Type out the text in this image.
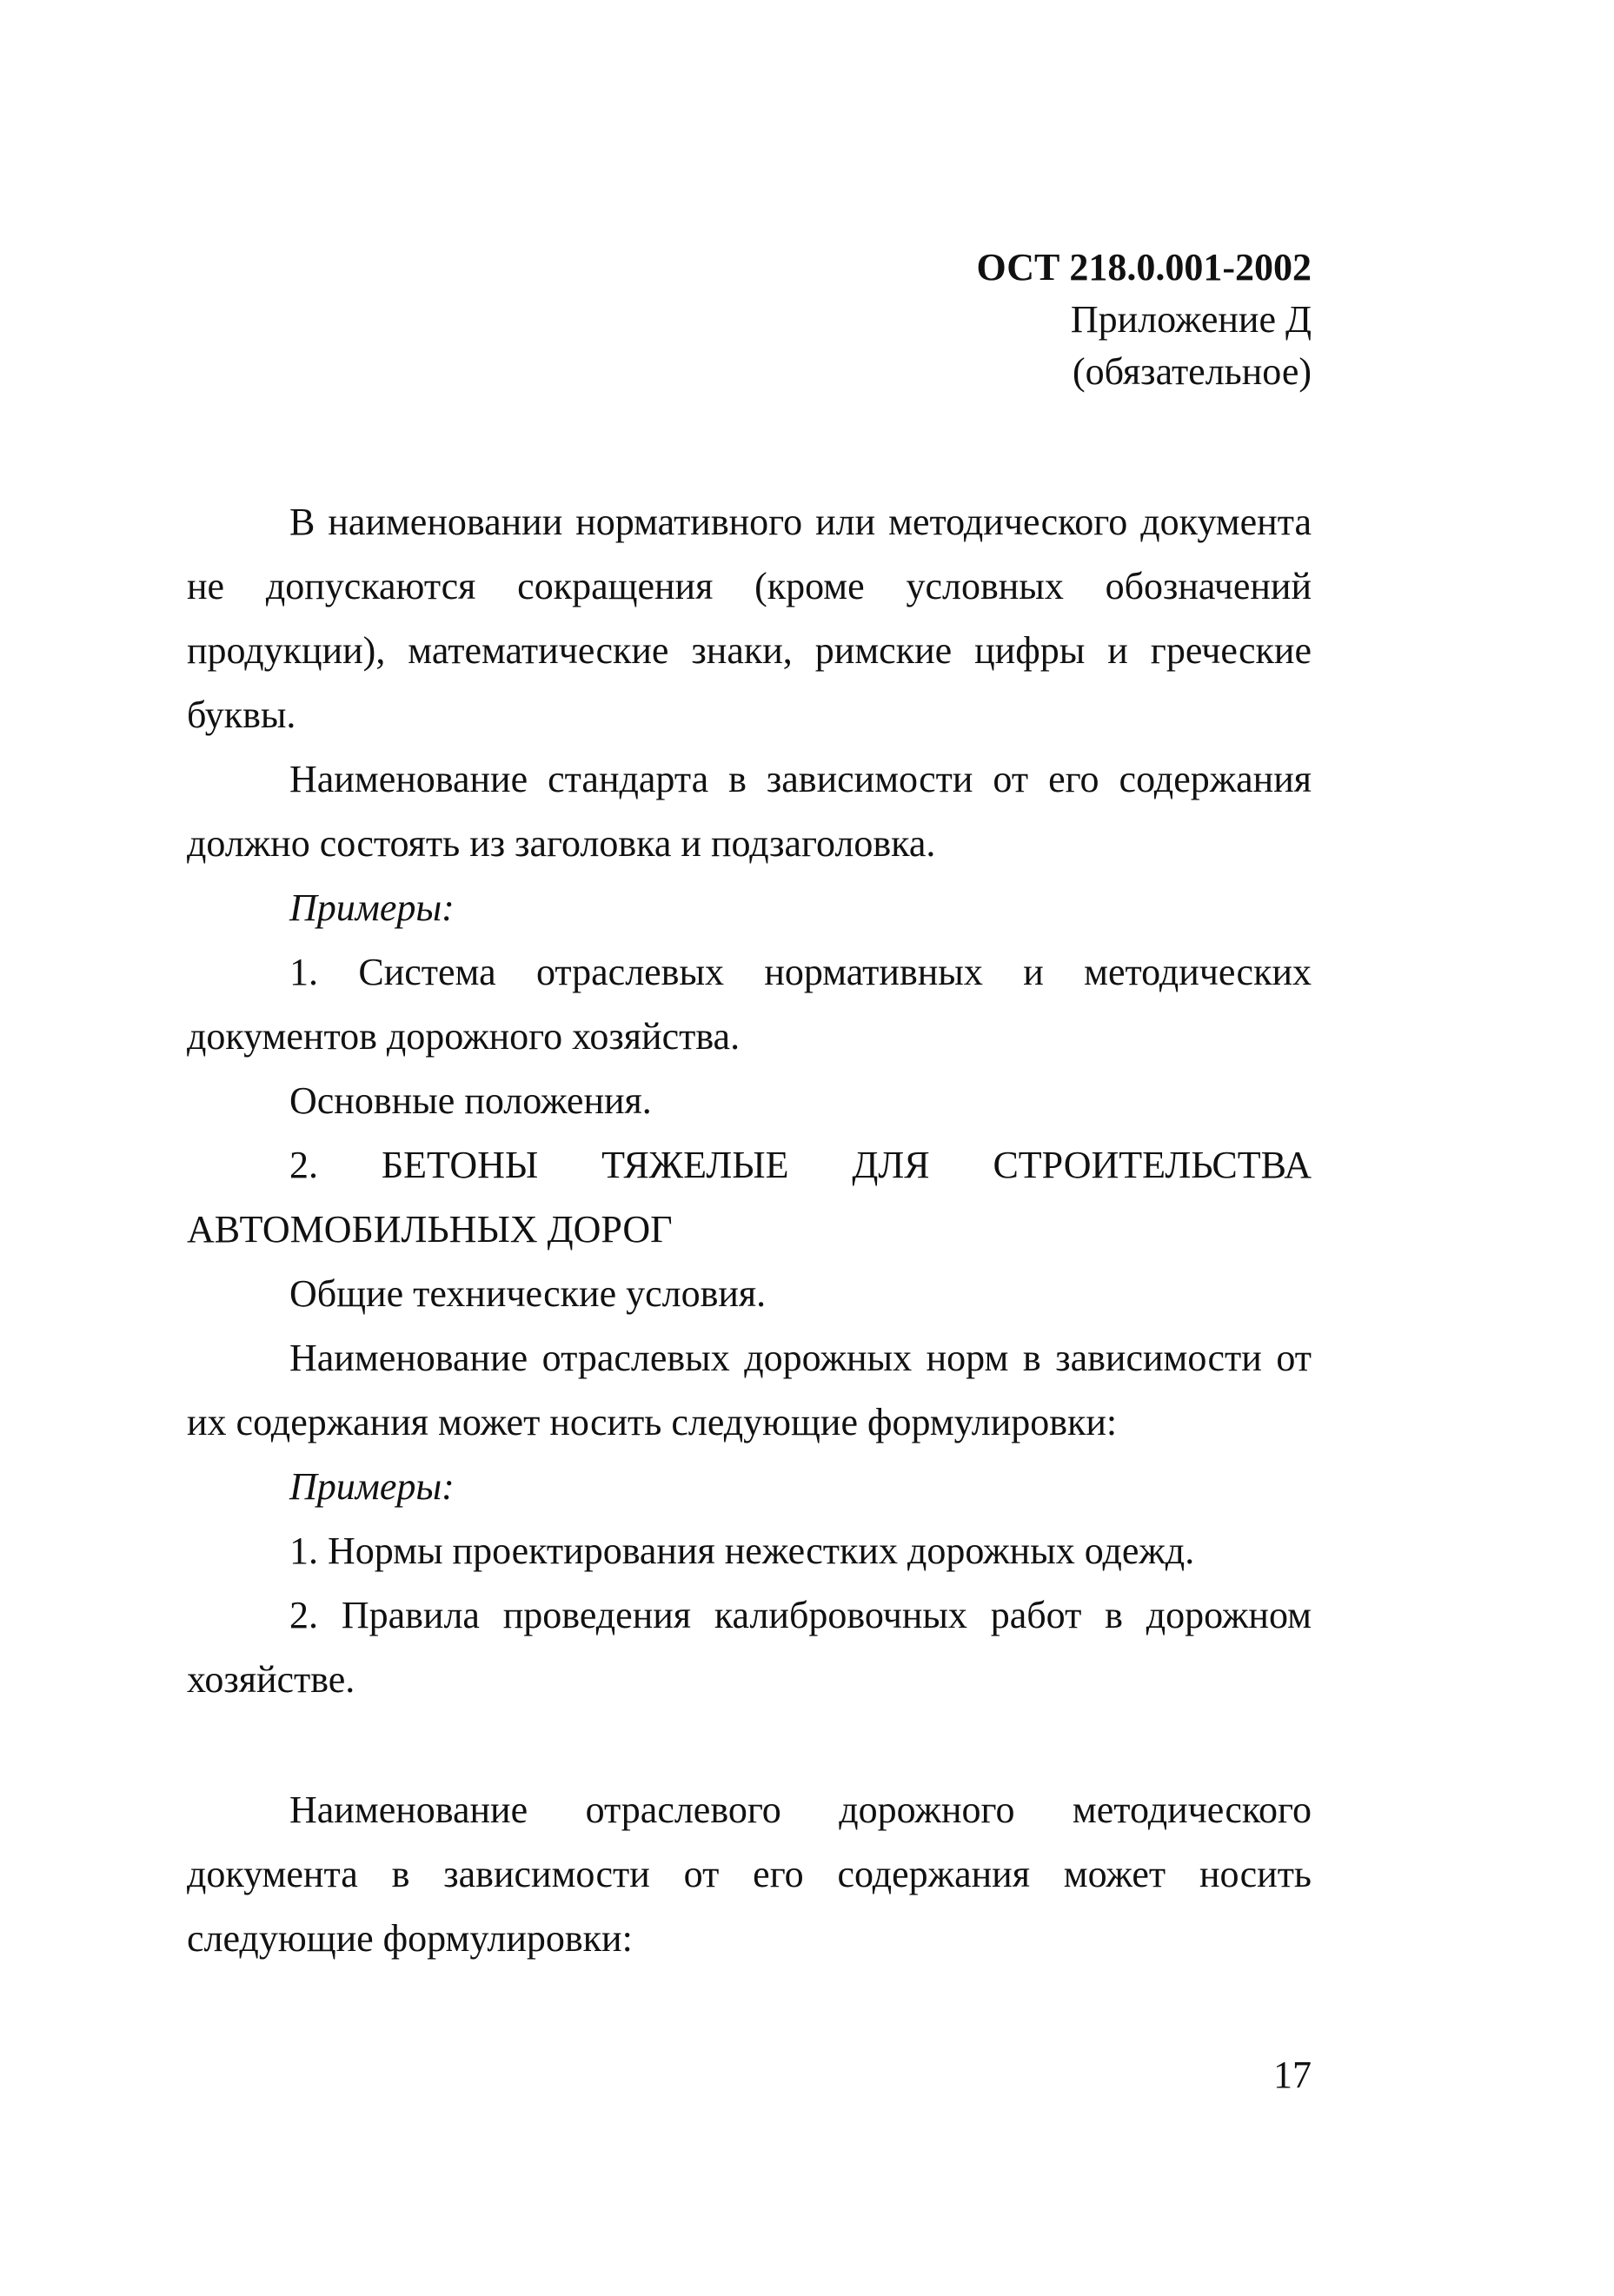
ОСТ 218.0.001-2002
Приложение Д
(обязательное)

В наименовании нормативного или методического документа не допускаются сокращения (кроме условных обозначений продукции), математические знаки, римские цифры и греческие буквы.

Наименование стандарта в зависимости от его содержания должно состоять из заголовка и подзаголовка.

Примеры:

1. Система отраслевых нормативных и методических документов дорожного хозяйства.

Основные положения.

2. БЕТОНЫ ТЯЖЕЛЫЕ ДЛЯ СТРОИТЕЛЬСТВА АВТОМОБИЛЬНЫХ ДОРОГ

Общие технические условия.

Наименование отраслевых дорожных норм в зависимости от их содержания может носить следующие формулировки:

Примеры:

1. Нормы проектирования нежестких дорожных одежд.

2. Правила проведения калибровочных работ в дорожном хозяйстве.

Наименование отраслевого дорожного методического документа в зависимости от его содержания может носить следующие формулировки:

17
